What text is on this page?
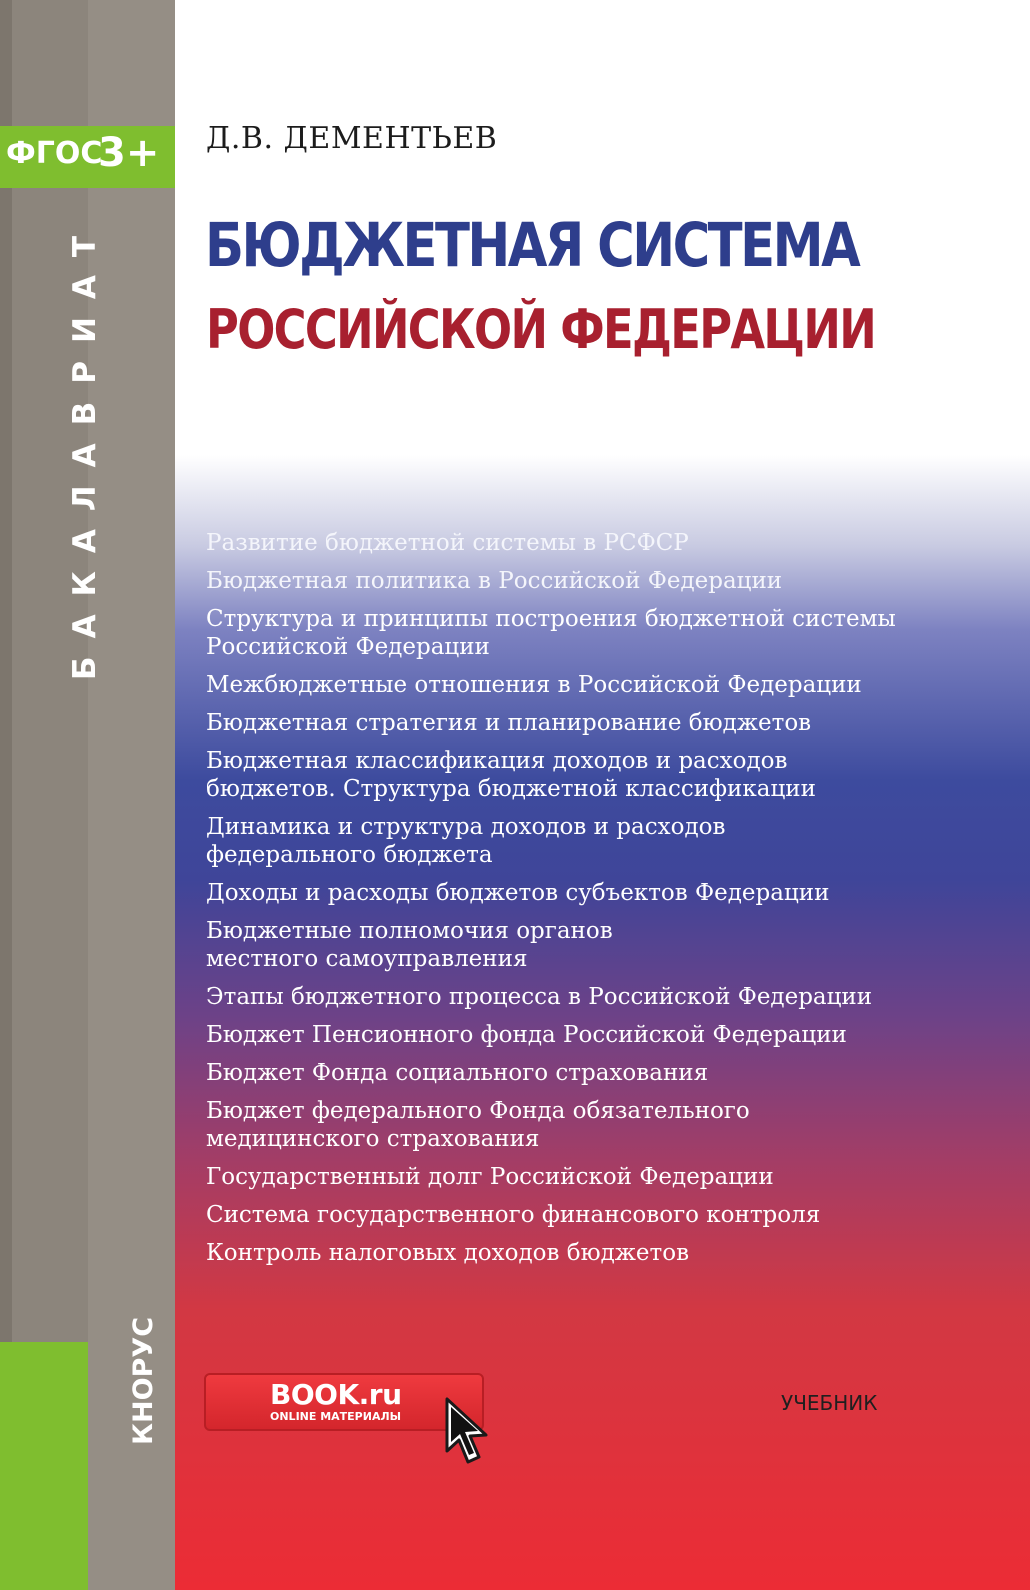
ФГОС
3+
БАКАЛАВРИАТ
КНОРУС
Д.В. ДЕМЕНТЬЕВ
БЮДЖЕТНАЯ СИСТЕМА
РОССИЙСКОЙ ФЕДЕРАЦИИ
Развитие бюджетной системы в РСФСР
Бюджетная политика в Российской Федерации
Структура и принципы построения бюджетной системы
Российской Федерации
Межбюджетные отношения в Российской Федерации
Бюджетная стратегия и планирование бюджетов
Бюджетная классификация доходов и расходов
бюджетов. Структура бюджетной классификации
Динамика и структура доходов и расходов
федерального бюджета
Доходы и расходы бюджетов субъектов Федерации
Бюджетные полномочия органов
местного самоуправления
Этапы бюджетного процесса в Российской Федерации
Бюджет Пенсионного фонда Российской Федерации
Бюджет Фонда социального страхования
Бюджет федерального Фонда обязательного
медицинского страхования
Государственный долг Российской Федерации
Система государственного финансового контроля
Контроль налоговых доходов бюджетов
BOOK.ru
ONLINE МАТЕРИАЛЫ
УЧЕБНИК
